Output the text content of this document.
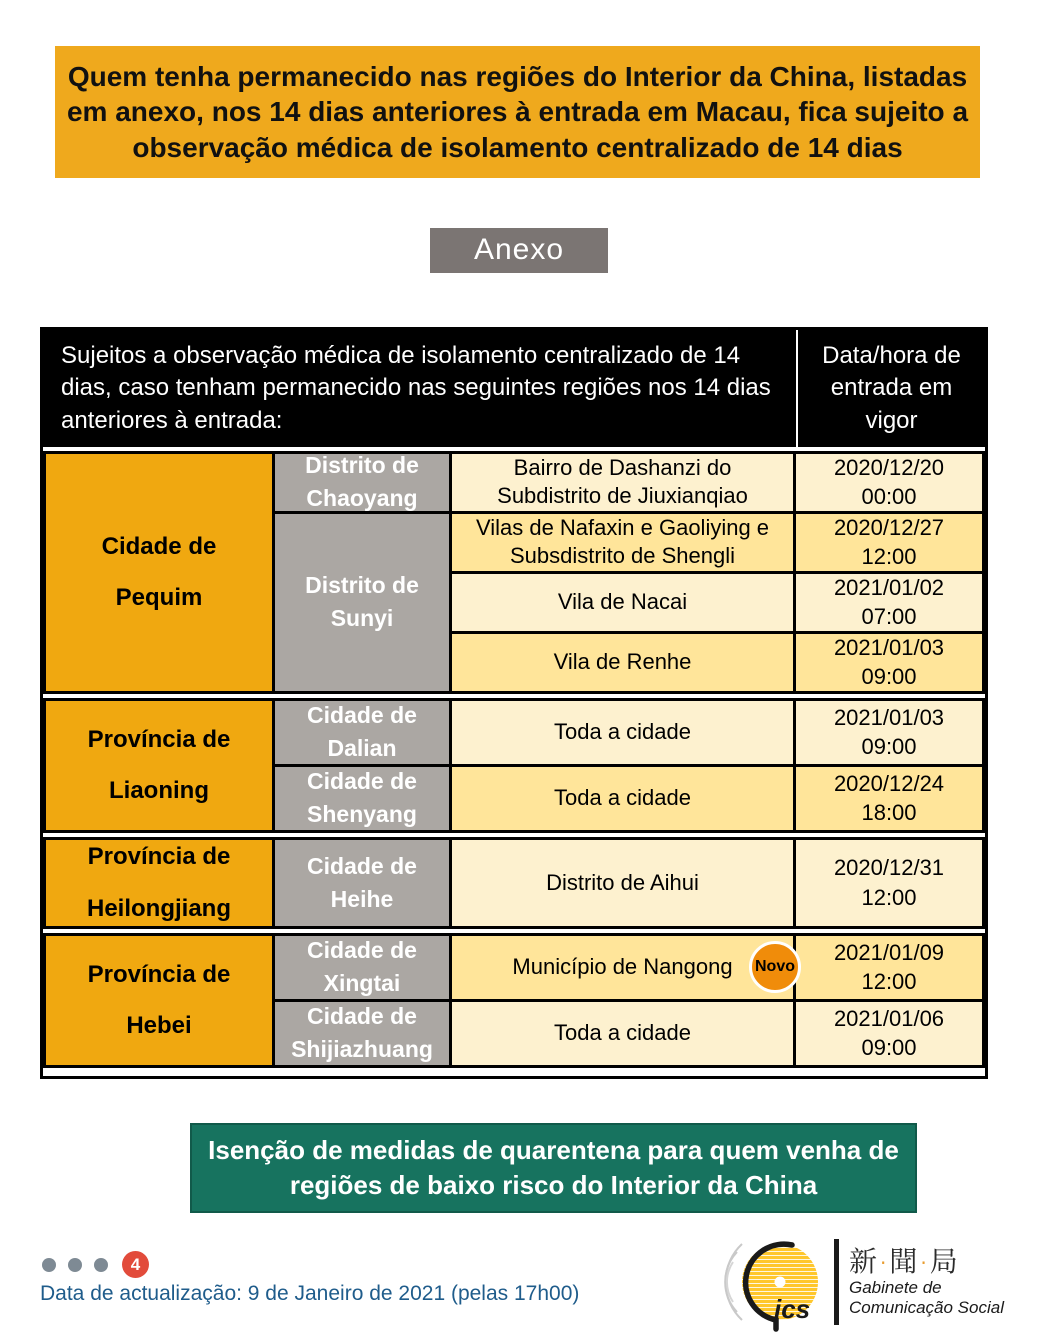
Quem tenha permanecido nas regiões do Interior da China, listadas em anexo, nos 14 dias anteriores à entrada em Macau, fica sujeito a observação médica de isolamento centralizado de 14 dias
Anexo
Sujeitos a observação médica de isolamento centralizado de 14 dias, caso tenham permanecido nas seguintes regiões nos 14 dias anteriores à entrada:
Data/hora de entrada em vigor
Cidade de Pequim
Distrito de Chaoyang
Bairro de Dashanzi do Subdistrito de Jiuxianqiao
2020/12/20
00:00
Distrito de Sunyi
Vilas de Nafaxin e Gaoliying e Subsdistrito de Shengli
2020/12/27
12:00
Vila de Nacai
2021/01/02
07:00
Vila de Renhe
2021/01/03
09:00
Província de Liaoning
Cidade de Dalian
Toda a cidade
2021/01/03
09:00
Cidade de Shenyang
Toda a cidade
2020/12/24
18:00
Província de Heilongjiang
Cidade de Heihe
Distrito de Aihui
2020/12/31
12:00
Província de Hebei
Cidade de Xingtai
Município de Nangong	Novo
2021/01/09
12:00
Cidade de Shijiazhuang
Toda a cidade
2021/01/06
09:00
Isenção de medidas de quarentena para quem venha de regiões de baixo risco do Interior da China
4
Data de actualização: 9 de Janeiro de 2021 (pelas 17h00)
ics
新‧聞‧局
Gabinete de
Comunicação Social
